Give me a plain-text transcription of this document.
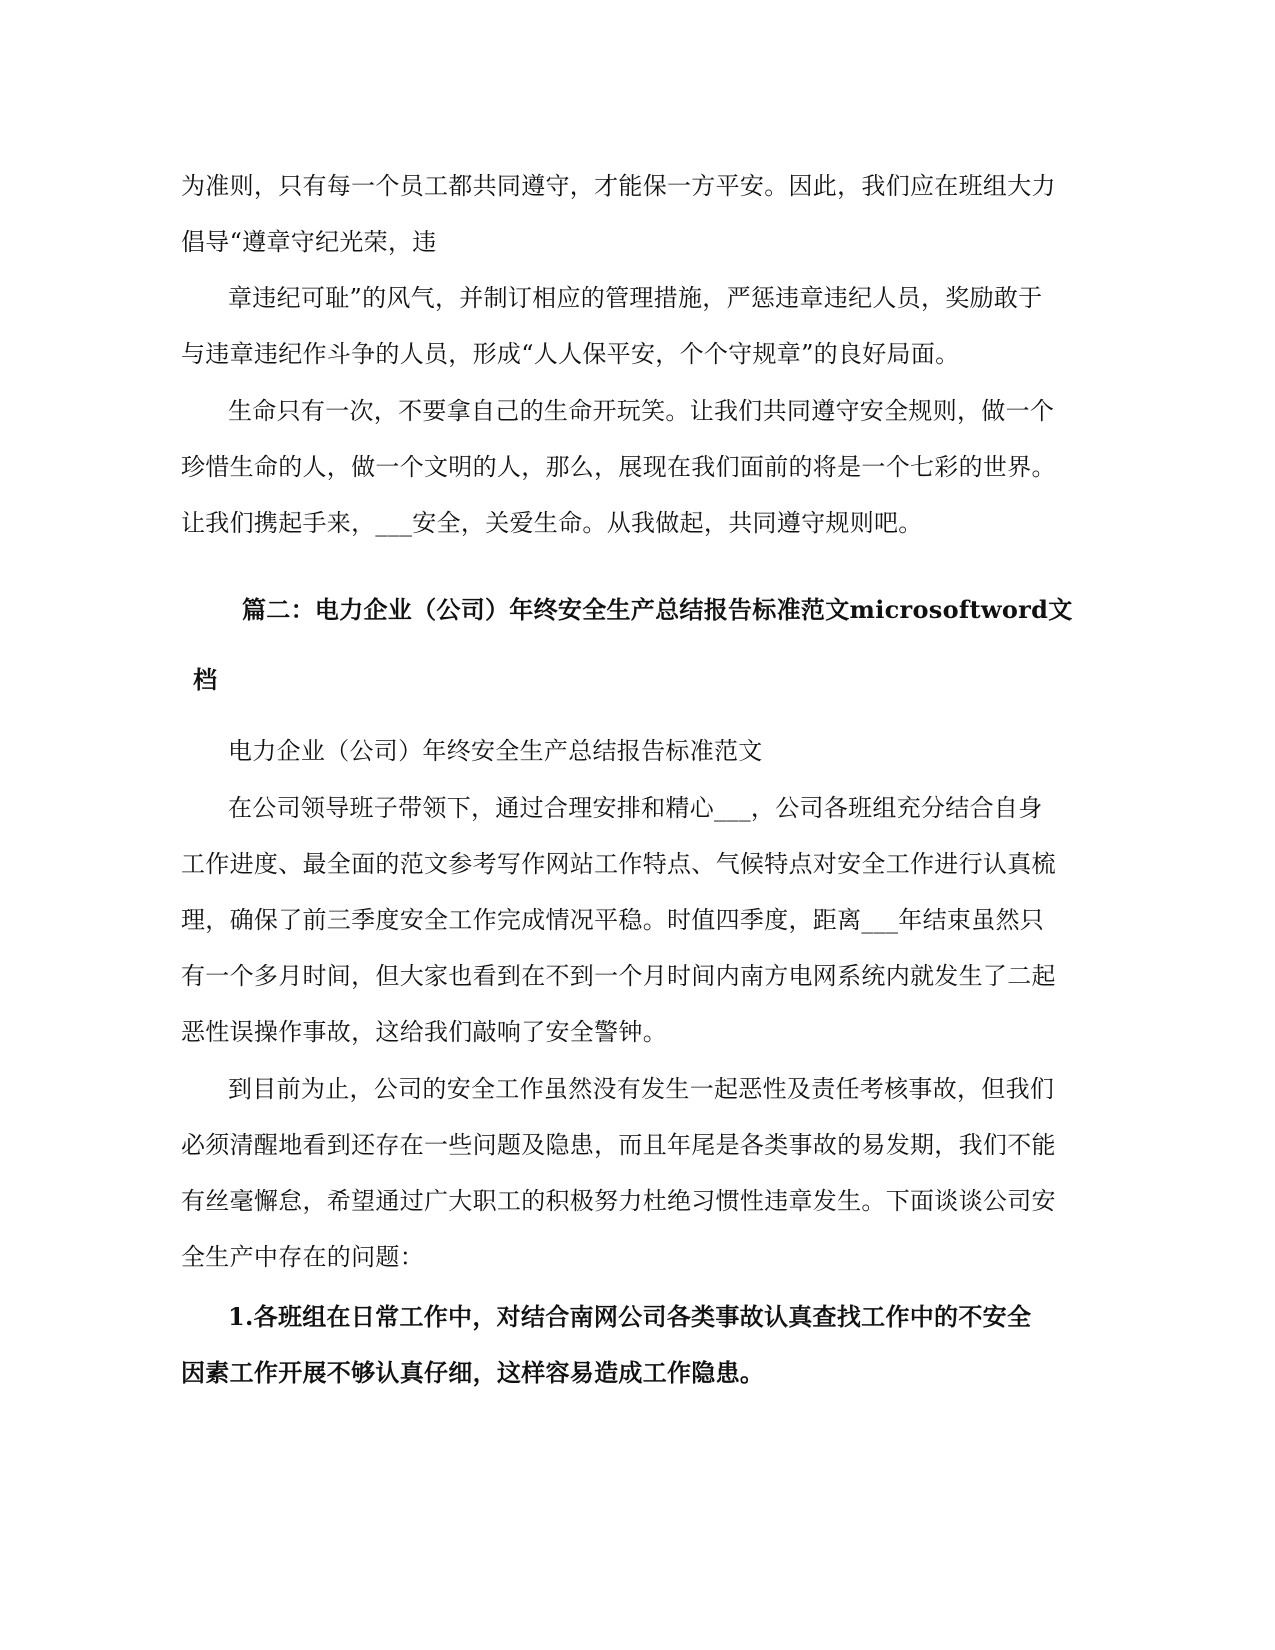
为准则，只有每一个员工都共同遵守，才能保一方平安。因此，我们应在班组大力
倡导“遵章守纪光荣，违
章违纪可耻”的风气，并制订相应的管理措施，严惩违章违纪人员，奖励敢于
与违章违纪作斗争的人员，形成“人人保平安，个个守规章”的良好局面。
生命只有一次，不要拿自己的生命开玩笑。让我们共同遵守安全规则，做一个
珍惜生命的人，做一个文明的人，那么，展现在我们面前的将是一个七彩的世界。
让我们携起手来，___安全，关爱生命。从我做起，共同遵守规则吧。
篇二：电力企业（公司）年终安全生产总结报告标准范文microsoftword文
档
电力企业（公司）年终安全生产总结报告标准范文
在公司领导班子带领下，通过合理安排和精心___，公司各班组充分结合自身
工作进度、最全面的范文参考写作网站工作特点、气候特点对安全工作进行认真梳
理，确保了前三季度安全工作完成情况平稳。时值四季度，距离___年结束虽然只
有一个多月时间，但大家也看到在不到一个月时间内南方电网系统内就发生了二起
恶性误操作事故，这给我们敲响了安全警钟。
到目前为止，公司的安全工作虽然没有发生一起恶性及责任考核事故，但我们
必须清醒地看到还存在一些问题及隐患，而且年尾是各类事故的易发期，我们不能
有丝毫懈怠，希望通过广大职工的积极努力杜绝习惯性违章发生。下面谈谈公司安
全生产中存在的问题：
1.各班组在日常工作中，对结合南网公司各类事故认真查找工作中的不安全
因素工作开展不够认真仔细，这样容易造成工作隐患。
